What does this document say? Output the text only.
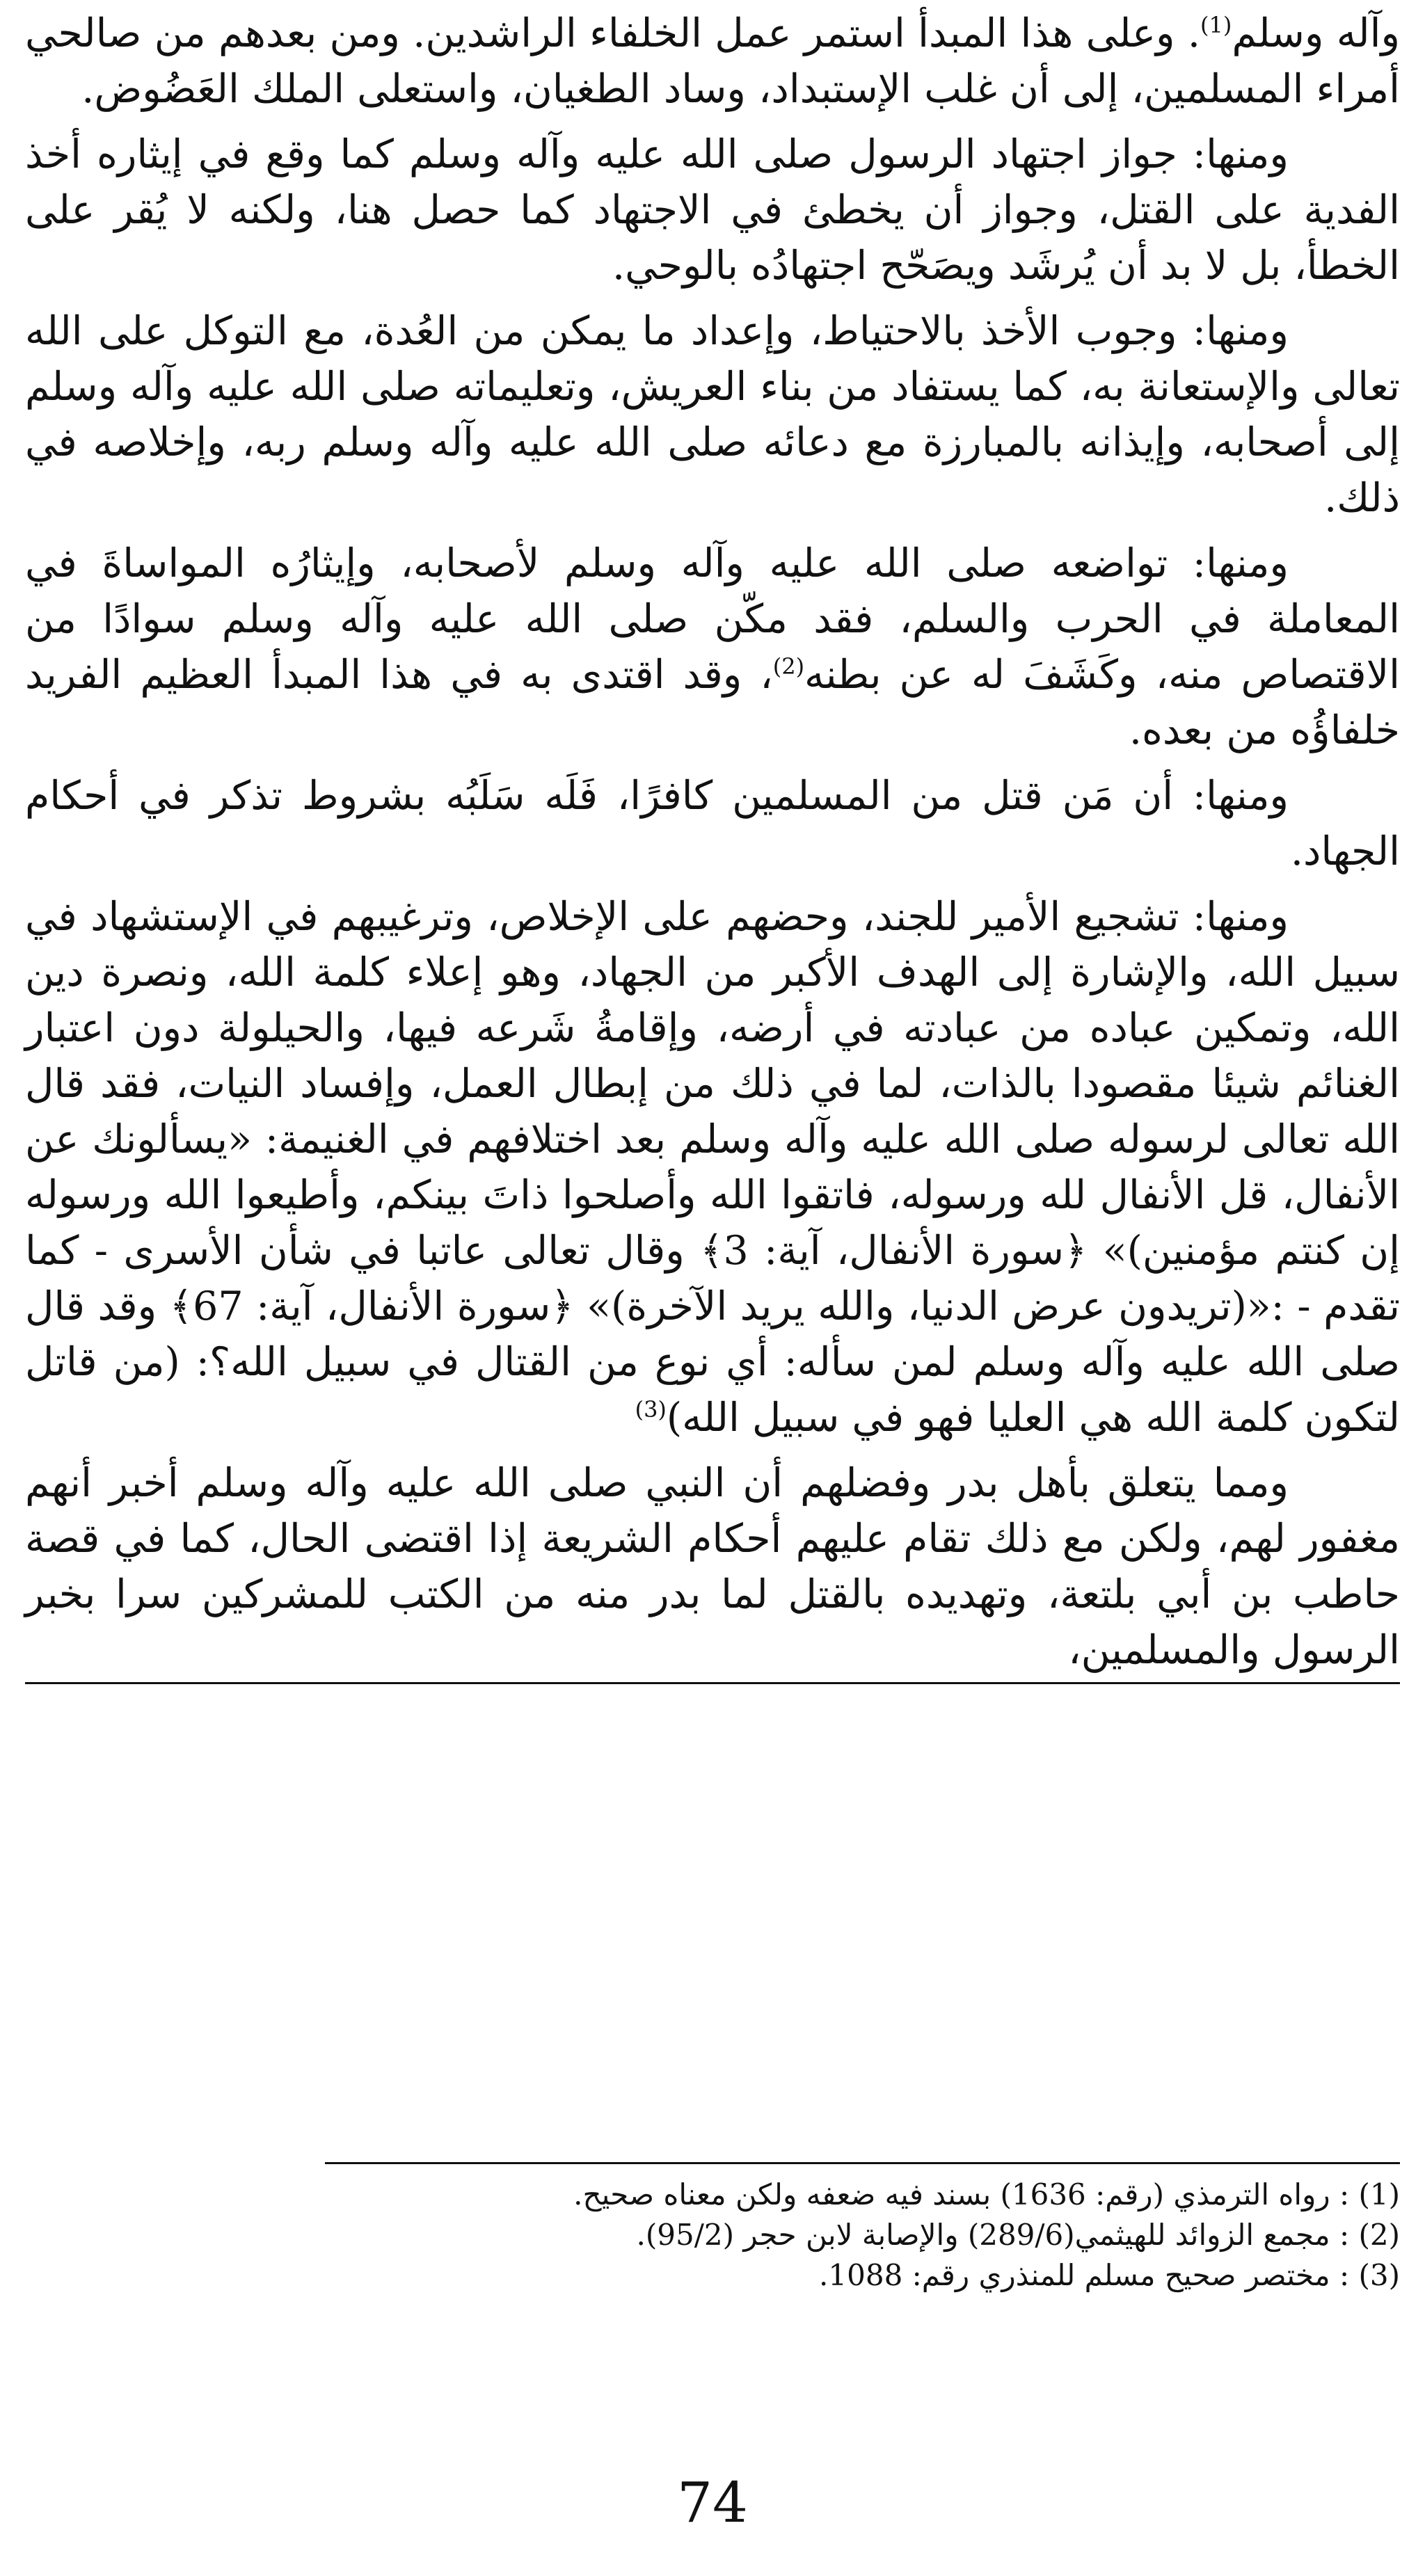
وآله وسلم$^{(1)}$. وعلى هذا المبدأ استمر عمل الخلفاء الراشدين. ومن بعدهم من صالحي أمراء المسلمين، إلى أن غلب الإستبداد، وساد الطغيان، واستعلى الملك العَضُوض.

ومنها: جواز اجتهاد الرسول صلى الله عليه وآله وسلم كما وقع في إيثاره أخذ الفدية على القتل، وجواز أن يخطئ في الاجتهاد كما حصل هنا، ولكنه لا يُقر على الخطأ، بل لا بد أن يُرشَد ويصَحّح اجتهادُه بالوحي.

ومنها: وجوب الأخذ بالاحتياط، وإعداد ما يمكن من العُدة، مع التوكل على الله تعالى والإستعانة به، كما يستفاد من بناء العريش، وتعليماته صلى الله عليه وآله وسلم إلى أصحابه، وإيذانه بالمبارزة مع دعائه صلى الله عليه وآله وسلم ربه، وإخلاصه في ذلك.

ومنها: تواضعه صلى الله عليه وآله وسلم لأصحابه، وإيثارُه المواساةَ في المعاملة في الحرب والسلم، فقد مكّن صلى الله عليه وآله وسلم سوادًا من الاقتصاص منه، وكَشَفَ له عن بطنه$^{(2)}$، وقد اقتدى به في هذا المبدأ العظيم الفريد خلفاؤُه من بعده.

ومنها: أن مَن قتل من المسلمين كافرًا، فَلَه سَلَبُه بشروط تذكر في أحكام الجهاد.

ومنها: تشجيع الأمير للجند، وحضهم على الإخلاص، وترغيبهم في الإستشهاد في سبيل الله، والإشارة إلى الهدف الأكبر من الجهاد، وهو إعلاء كلمة الله، ونصرة دين الله، وتمكين عباده من عبادته في أرضه، وإقامةُ شَرعه فيها، والحيلولة دون اعتبار الغنائم شيئا مقصودا بالذات، لما في ذلك من إبطال العمل، وإفساد النيات، فقد قال الله تعالى لرسوله صلى الله عليه وآله وسلم بعد اختلافهم في الغنيمة: «يسألونك عن الأنفال، قل الأنفال لله ورسوله، فاتقوا الله وأصلحوا ذاتَ بينكم، وأطيعوا الله ورسوله إن كنتم مؤمنين)» ﴿سورة الأنفال، آية: 3﴾ وقال تعالى عاتبا في شأن الأسرى - كما تقدم - :«(تريدون عرض الدنيا، والله يريد الآخرة)» ﴿سورة الأنفال، آية: 67﴾ وقد قال صلى الله عليه وآله وسلم لمن سأله: أي نوع من القتال في سبيل الله؟: (من قاتل لتكون كلمة الله هي العليا فهو في سبيل الله)$^{(3)}$

ومما يتعلق بأهل بدر وفضلهم أن النبي صلى الله عليه وآله وسلم أخبر أنهم مغفور لهم، ولكن مع ذلك تقام عليهم أحكام الشريعة إذا اقتضى الحال، كما في قصة حاطب بن أبي بلتعة، وتهديده بالقتل لما بدر منه من الكتب للمشركين سرا بخبر الرسول والمسلمين،

(1) : رواه الترمذي (رقم: 1636) بسند فيه ضعفه ولكن معناه صحيح.

(2) : مجمع الزوائد للهيثمي(289/6) والإصابة لابن حجر (95/2).

(3) : مختصر صحيح مسلم للمنذري رقم: 1088.

74
